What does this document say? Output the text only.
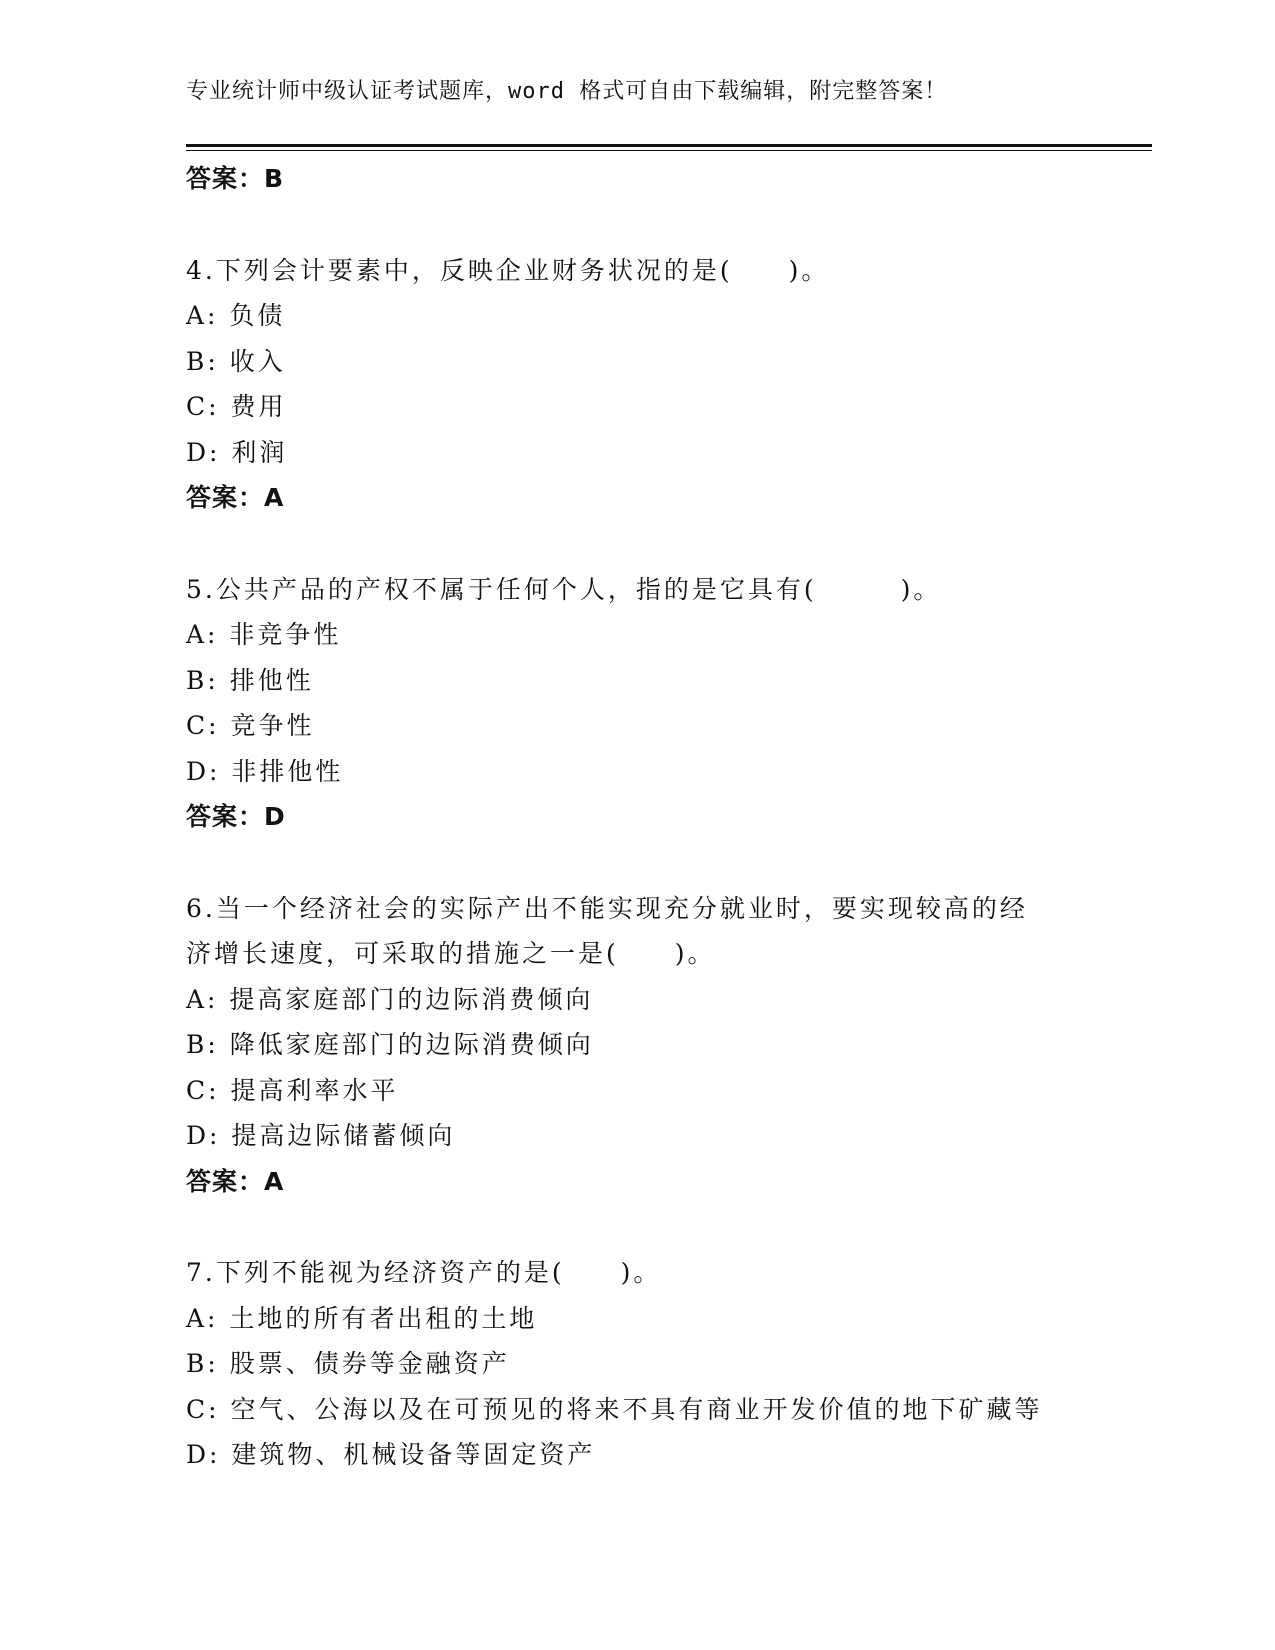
专业统计师中级认证考试题库，word 格式可自由下载编辑，附完整答案！
答案：B
4.下列会计要素中，反映企业财务状况的是(　　)。
A: 负债
B: 收入
C: 费用
D: 利润
答案：A
5.公共产品的产权不属于任何个人，指的是它具有(　　　)。
A: 非竞争性
B: 排他性
C: 竞争性
D: 非排他性
答案：D
6.当一个经济社会的实际产出不能实现充分就业时，要实现较高的经
济增长速度，可采取的措施之一是(　　)。
A: 提高家庭部门的边际消费倾向
B: 降低家庭部门的边际消费倾向
C: 提高利率水平
D: 提高边际储蓄倾向
答案：A
7.下列不能视为经济资产的是(　　)。
A: 土地的所有者出租的土地
B: 股票、债券等金融资产
C: 空气、公海以及在可预见的将来不具有商业开发价值的地下矿藏等
D: 建筑物、机械设备等固定资产
